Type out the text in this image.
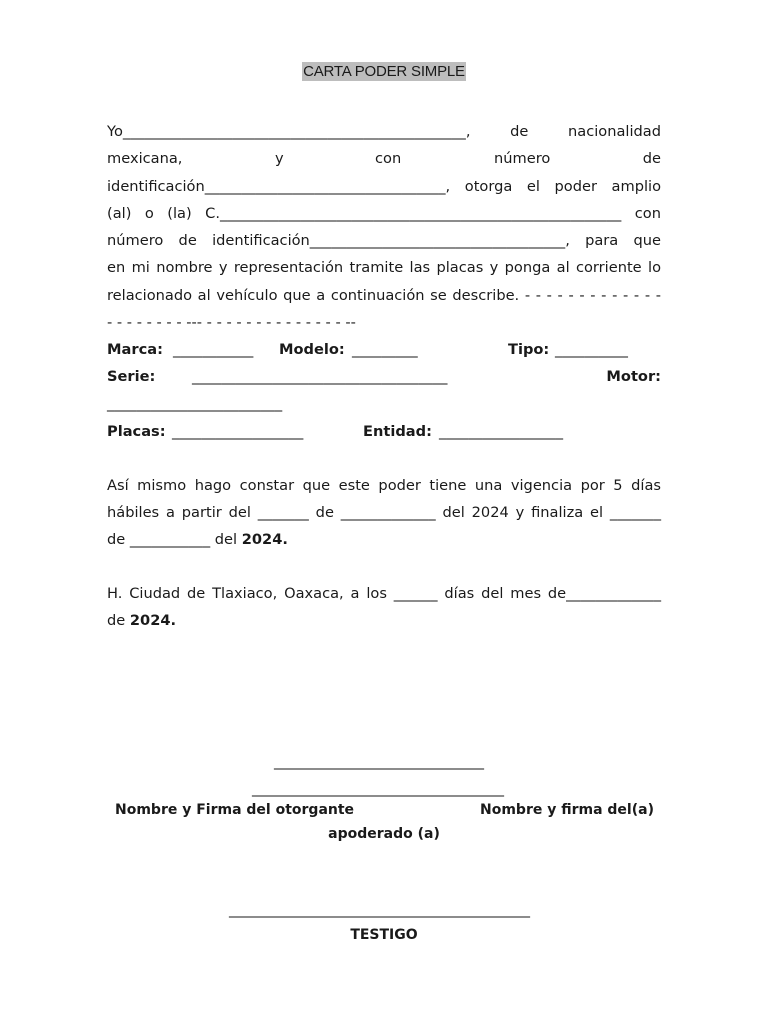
CARTA PODER SIMPLE
Yo_______________________________________________, de nacionalidad
mexicana,	y	con	número	de
identificación_________________________________, otorga el poder amplio
(al) o (la) C._______________________________________________________ con
número de identificación___________________________________, para que
en mi nombre y representación tramite las placas y ponga al corriente lo
relacionado al vehículo que a continuación se describe. - - - - - - - - - - - - -
- - - - - - - - --- - - - - - - - - - - - - - - --
Marca: ___________ Modelo: _________	Tipo: __________
Serie:	___________________________________	Motor:
________________________
Placas: __________________	Entidad: _________________
Así mismo hago constar que este poder tiene una vigencia por 5 días
hábiles a partir del _______ de _____________ del 2024 y finaliza el _______
de ___________ del 2024.
H. Ciudad de Tlaxiaco, Oaxaca, a los ______ días del mes de_____________
de 2024.
______________________________
____________________________________
Nombre y Firma del otorgante	Nombre y firma del(a)
apoderado (a)
___________________________________________
TESTIGO
